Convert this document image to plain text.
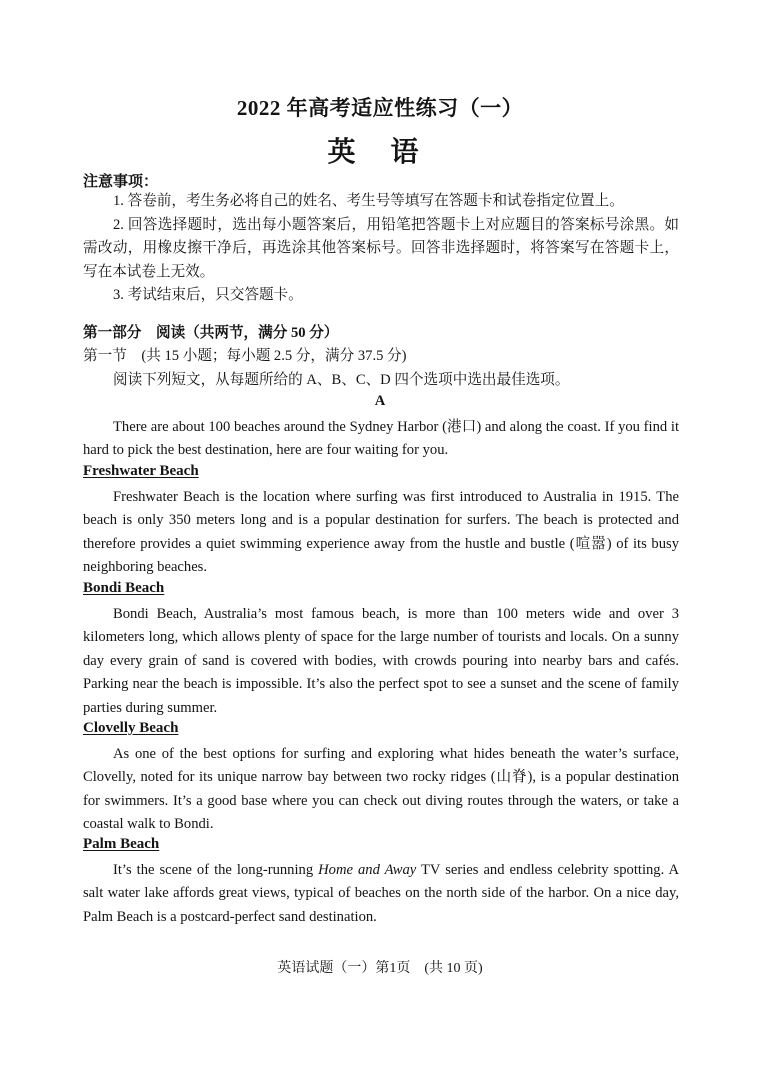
2022 年高考适应性练习（一）
英 语
注意事项：
1. 答卷前，考生务必将自己的姓名、考生号等填写在答题卡和试卷指定位置上。
2. 回答选择题时，选出每小题答案后，用铅笔把答题卡上对应题目的答案标号涂黑。如需改动，用橡皮擦干净后，再选涂其他答案标号。回答非选择题时，将答案写在答题卡上，写在本试卷上无效。
3. 考试结束后，只交答题卡。
第一部分　阅读（共两节，满分 50 分）
第一节　(共 15 小题；每小题 2.5 分，满分 37.5 分)
阅读下列短文，从每题所给的 A、B、C、D 四个选项中选出最佳选项。
A
There are about 100 beaches around the Sydney Harbor (港口) and along the coast. If you find it hard to pick the best destination, here are four waiting for you.
Freshwater Beach
Freshwater Beach is the location where surfing was first introduced to Australia in 1915. The beach is only 350 meters long and is a popular destination for surfers. The beach is protected and therefore provides a quiet swimming experience away from the hustle and bustle (喧嚣) of its busy neighboring beaches.
Bondi Beach
Bondi Beach, Australia’s most famous beach, is more than 100 meters wide and over 3 kilometers long, which allows plenty of space for the large number of tourists and locals. On a sunny day every grain of sand is covered with bodies, with crowds pouring into nearby bars and cafés. Parking near the beach is impossible. It’s also the perfect spot to see a sunset and the scene of family parties during summer.
Clovelly Beach
As one of the best options for surfing and exploring what hides beneath the water’s surface, Clovelly, noted for its unique narrow bay between two rocky ridges (山脊), is a popular destination for swimmers. It’s a good base where you can check out diving routes through the waters, or take a coastal walk to Bondi.
Palm Beach
It’s the scene of the long-running Home and Away TV series and endless celebrity spotting. A salt water lake affords great views, typical of beaches on the north side of the harbor. On a nice day, Palm Beach is a postcard-perfect sand destination.
英语试题（一）第1页　(共 10 页)
